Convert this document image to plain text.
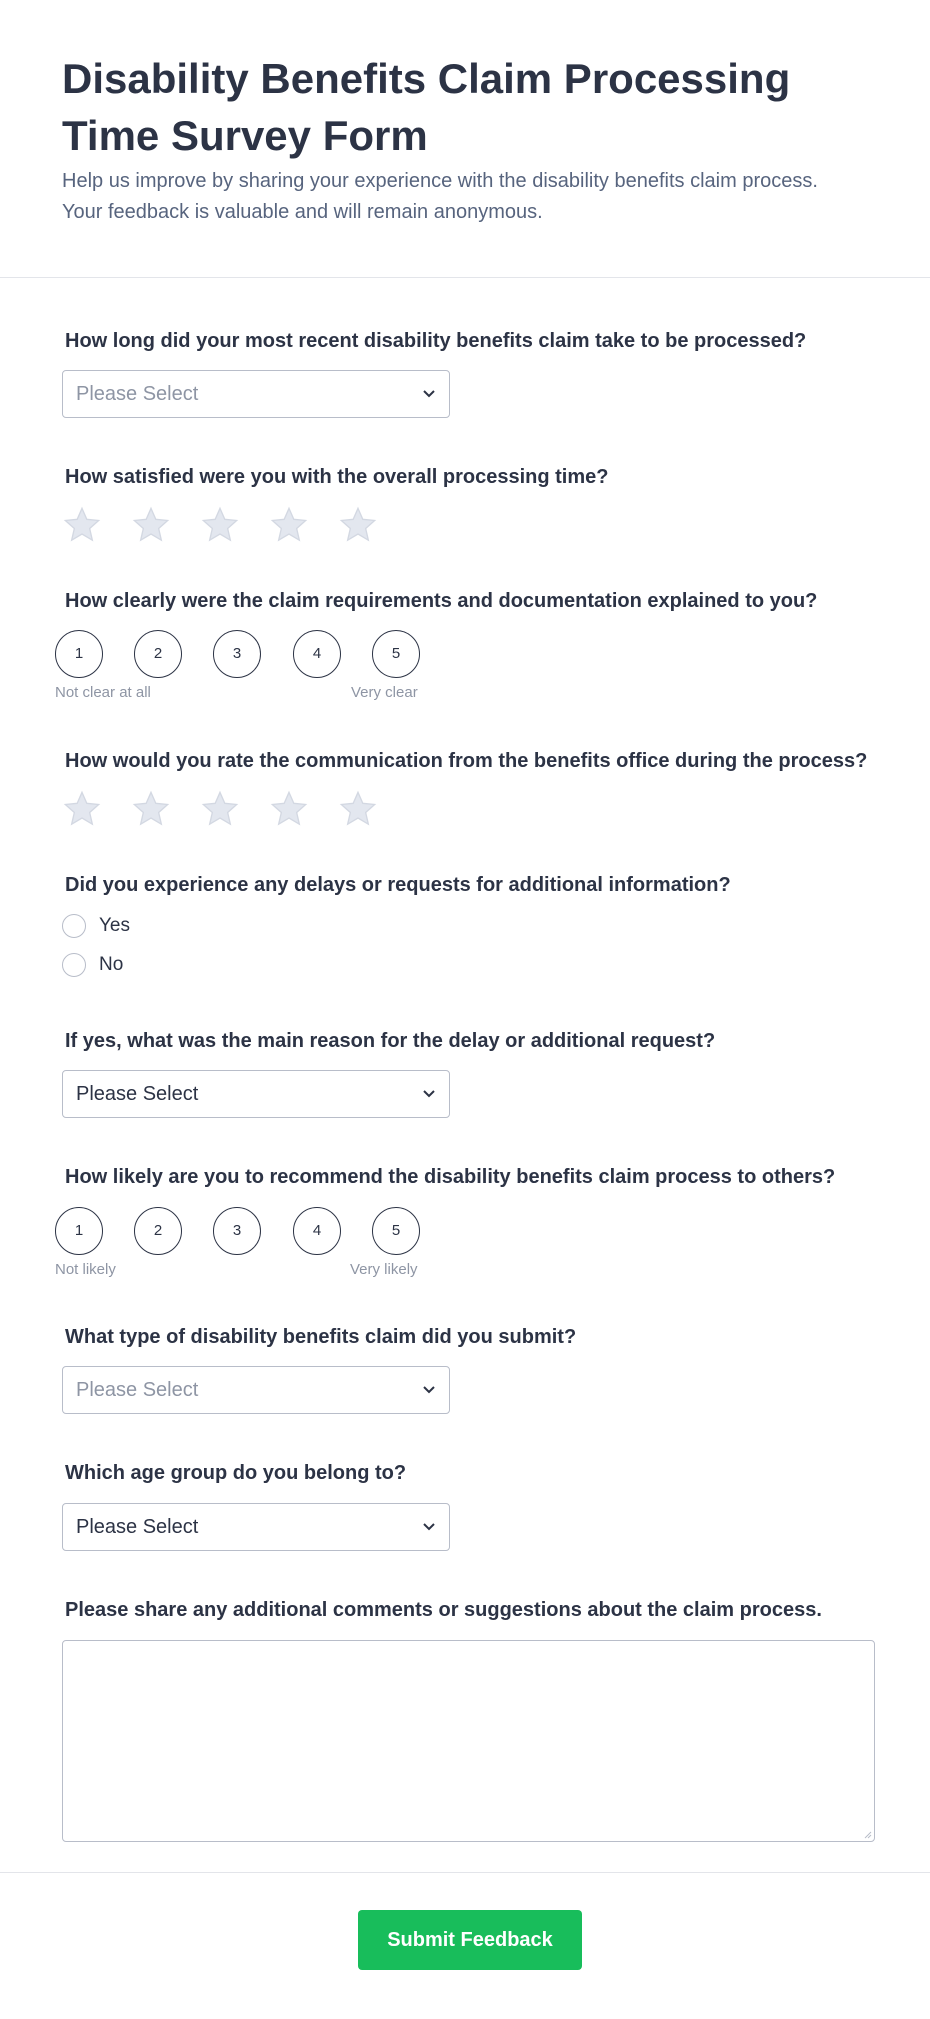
Disability Benefits Claim Processing Time Survey Form

Help us improve by sharing your experience with the disability benefits claim process. Your feedback is valuable and will remain anonymous.

How long did your most recent disability benefits claim take to be processed?
Please Select
How satisfied were you with the overall processing time?
How clearly were the claim requirements and documentation explained to you?
1	2	3	4	5
Not clear at all	Very clear
How would you rate the communication from the benefits office during the process?
Did you experience any delays or requests for additional information?
Yes
No
If yes, what was the main reason for the delay or additional request?
Please Select
How likely are you to recommend the disability benefits claim process to others?
1	2	3	4	5
Not likely	Very likely
What type of disability benefits claim did you submit?
Please Select
Which age group do you belong to?
Please Select
Please share any additional comments or suggestions about the claim process.
Submit Feedback
